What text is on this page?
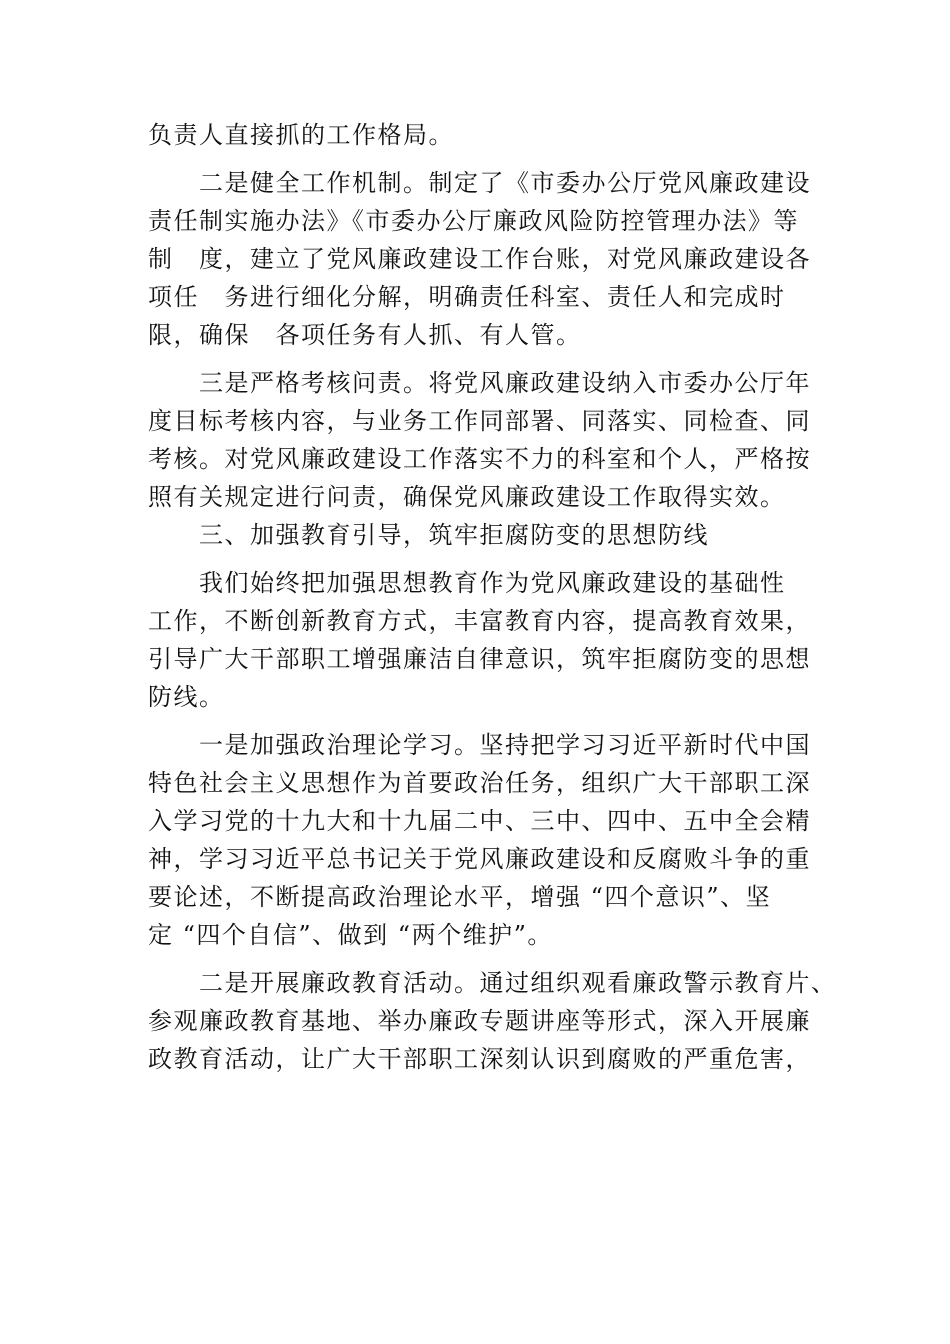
负责人直接抓的工作格局。

　　二是健全工作机制。制定了《市委办公厅党风廉政建设

责任制实施办法》《市委办公厅廉政风险防控管理办法》等

制　度，建立了党风廉政建设工作台账，对党风廉政建设各

项任　务进行细化分解，明确责任科室、责任人和完成时

限，确保　各项任务有人抓、有人管。

　　三是严格考核问责。将党风廉政建设纳入市委办公厅年

度目标考核内容，与业务工作同部署、同落实、同检查、同

考核。对党风廉政建设工作落实不力的科室和个人，严格按

照有关规定进行问责，确保党风廉政建设工作取得实效。

　　三、加强教育引导，筑牢拒腐防变的思想防线

　　我们始终把加强思想教育作为党风廉政建设的基础性

工作，不断创新教育方式，丰富教育内容，提高教育效果，

引导广大干部职工增强廉洁自律意识，筑牢拒腐防变的思想

防线。

　　一是加强政治理论学习。坚持把学习习近平新时代中国

特色社会主义思想作为首要政治任务，组织广大干部职工深

入学习党的十九大和十九届二中、三中、四中、五中全会精

神，学习习近平总书记关于党风廉政建设和反腐败斗争的重

要论述，不断提高政治理论水平，增强 “四个意识”、坚

定 “四个自信”、做到 “两个维护”。

　　二是开展廉政教育活动。通过组织观看廉政警示教育片、

参观廉政教育基地、举办廉政专题讲座等形式，深入开展廉

政教育活动，让广大干部职工深刻认识到腐败的严重危害，
